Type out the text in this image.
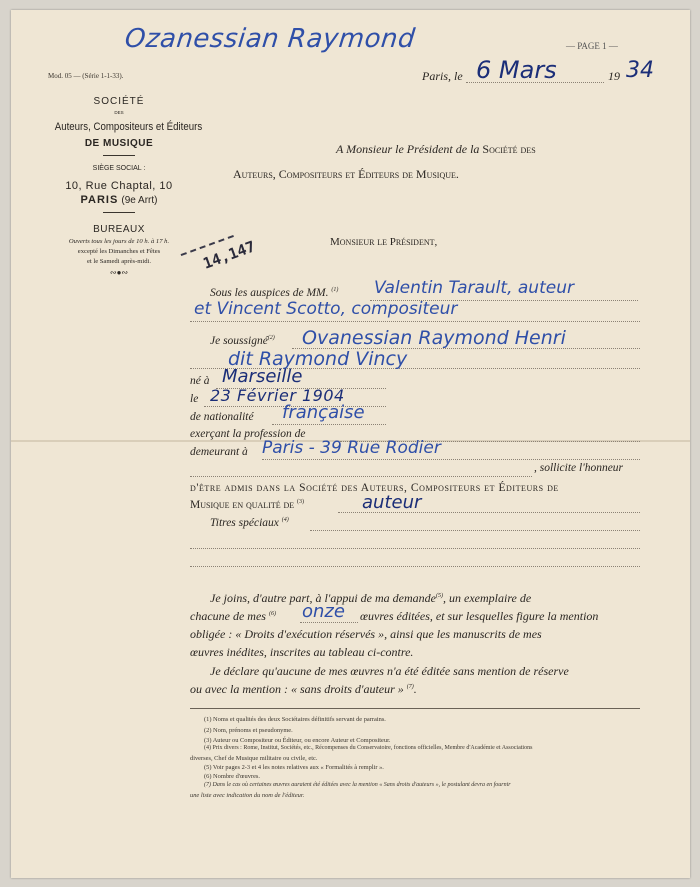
Ozanessian Raymond	— PAGE 1 —
Mod. 05 — (Série 1-1-33).	Paris, le 6 Mars	19 34
SOCIÉTÉ
DES
Auteurs, Compositeurs et Éditeurs
DE MUSIQUE
SIÈGE SOCIAL :
10, Rue Chaptal, 10
PARIS (9e Arrt)
BUREAUX
Ouverts tous les jours de 10 h. à 17 h.
excepté les Dimanches et Fêtes
et le Samedi après-midi.
∾●∾
A Monsieur le Président de la Société des
Auteurs, Compositeurs et Éditeurs de Musique.
14,147	Monsieur le Président,
Sous les auspices de MM. $^{(1)}$ Valentin Tarault, auteur
et Vincent Scotto, compositeur
Je soussigné$^{(2)}$ Ovanessian Raymond Henri
dit Raymond Vincy
né à Marseille
le 23 Février 1904
de nationalité française
exerçant la profession de
demeurant à Paris - 39 Rue Rodier
, sollicite l'honneur
d'être admis dans la Société des Auteurs, Compositeurs et Éditeurs de
Musique en qualité de $^{(3)}$	auteur
Titres spéciaux $^{(4)}$
Je joins, d'autre part, à l'appui de ma demande$^{(5)}$, un exemplaire de
chacune de mes $^{(6)}$ onze œuvres éditées, et sur lesquelles figure la mention
obligée : « Droits d'exécution réservés », ainsi que les manuscrits de mes
œuvres inédites, inscrites au tableau ci-contre.
Je déclare qu'aucune de mes œuvres n'a été éditée sans mention de réserve
ou avec la mention : « sans droits d'auteur » $^{(7)}$.
(1) Noms et qualités des deux Sociétaires définitifs servant de parrains.
(2) Nom, prénoms et pseudonyme.
(3) Auteur ou Compositeur ou Éditeur, ou encore Auteur et Compositeur.
(4) Prix divers : Rome, Institut, Sociétés, etc., Récompenses du Conservatoire, fonctions officielles, Membre d'Académie et Associations
diverses, Chef de Musique militaire ou civile, etc.
(5) Voir pages 2-3 et 4 les notes relatives aux « Formalités à remplir ».
(6) Nombre d'œuvres.
(7) Dans le cas où certaines œuvres auraient été éditées avec la mention « Sans droits d'auteurs », le postulant devra en fournir
une liste avec indication du nom de l'éditeur.
